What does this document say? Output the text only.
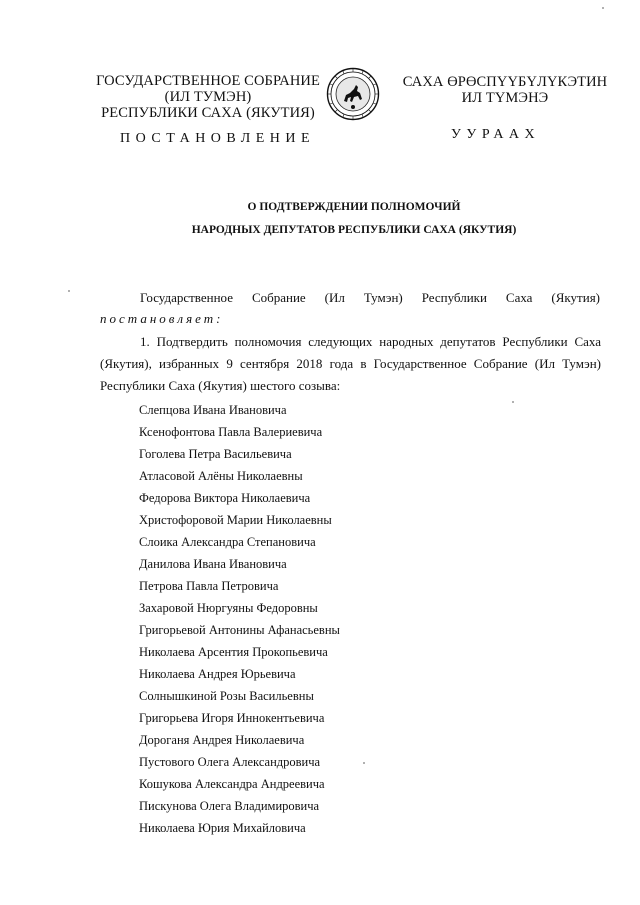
ГОСУДАРСТВЕННОЕ СОБРАНИЕ
(ИЛ ТУМЭН)
РЕСПУБЛИКИ САХА (ЯКУТИЯ)
САХА ӨРӨСПҮҮБҮЛҮКЭТИН
ИЛ ТҮМЭНЭ
ПОСТАНОВЛЕНИЕ	УУРААХ
О ПОДТВЕРЖДЕНИИ ПОЛНОМОЧИЙ
НАРОДНЫХ ДЕПУТАТОВ РЕСПУБЛИКИ САХА (ЯКУТИЯ)
Государственное Собрание (Ил Тумэн) Республики Саха (Якутия)
постановляет:
1. Подтвердить полномочия следующих народных депутатов Республики Саха (Якутия), избранных 9 сентября 2018 года в Государственное Собрание (Ил Тумэн) Республики Саха (Якутия) шестого созыва:
Слепцова Ивана Ивановича
Ксенофонтова Павла Валериевича
Гоголева Петра Васильевича
Атласовой Алёны Николаевны
Федорова Виктора Николаевича
Христофоровой Марии Николаевны
Слоика Александра Степановича
Данилова Ивана Ивановича
Петрова Павла Петровича
Захаровой Нюргуяны Федоровны
Григорьевой Антонины Афанасьевны
Николаева Арсентия Прокопьевича
Николаева Андрея Юрьевича
Солнышкиной Розы Васильевны
Григорьева Игоря Иннокентьевича
Дороганя Андрея Николаевича
Пустового Олега Александровича
Кошукова Александра Андреевича
Пискунова Олега Владимировича
Николаева Юрия Михайловича
